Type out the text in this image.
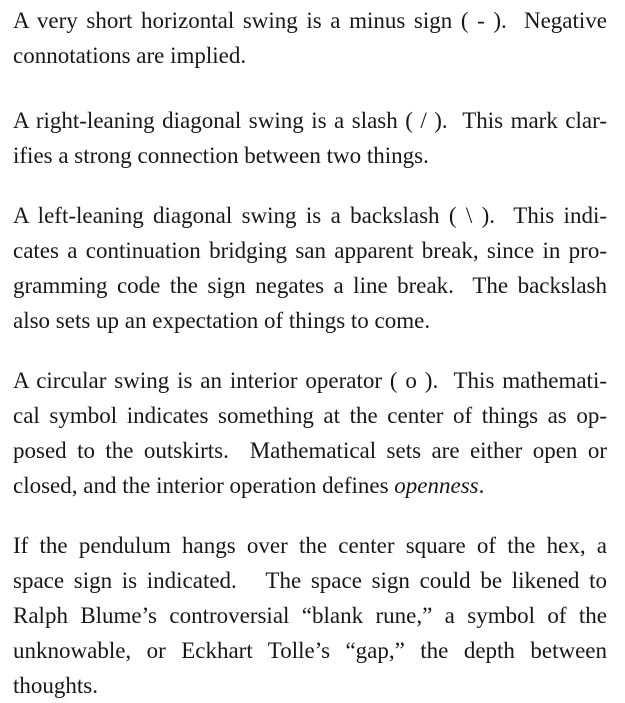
A very short horizontal swing is a minus sign ( - ).  Negative
connotations are implied.

A right-leaning diagonal swing is a slash ( / ).  This mark clar-
ifies a strong connection between two things.

A left-leaning diagonal swing is a backslash ( \ ).  This indi-
cates a continuation bridging san apparent break, since in pro-
gramming code the sign negates a line break.  The backslash
also sets up an expectation of things to come.

A circular swing is an interior operator ( o ).  This mathemati-
cal symbol indicates something at the center of things as op-
posed to the outskirts.  Mathematical sets are either open or
closed, and the interior operation defines openness.

If the pendulum hangs over the center square of the hex, a
space sign is indicated.   The space sign could be likened to
Ralph Blume’s controversial “blank rune,” a symbol of the
unknowable, or Eckhart Tolle’s “gap,” the depth between
thoughts.
